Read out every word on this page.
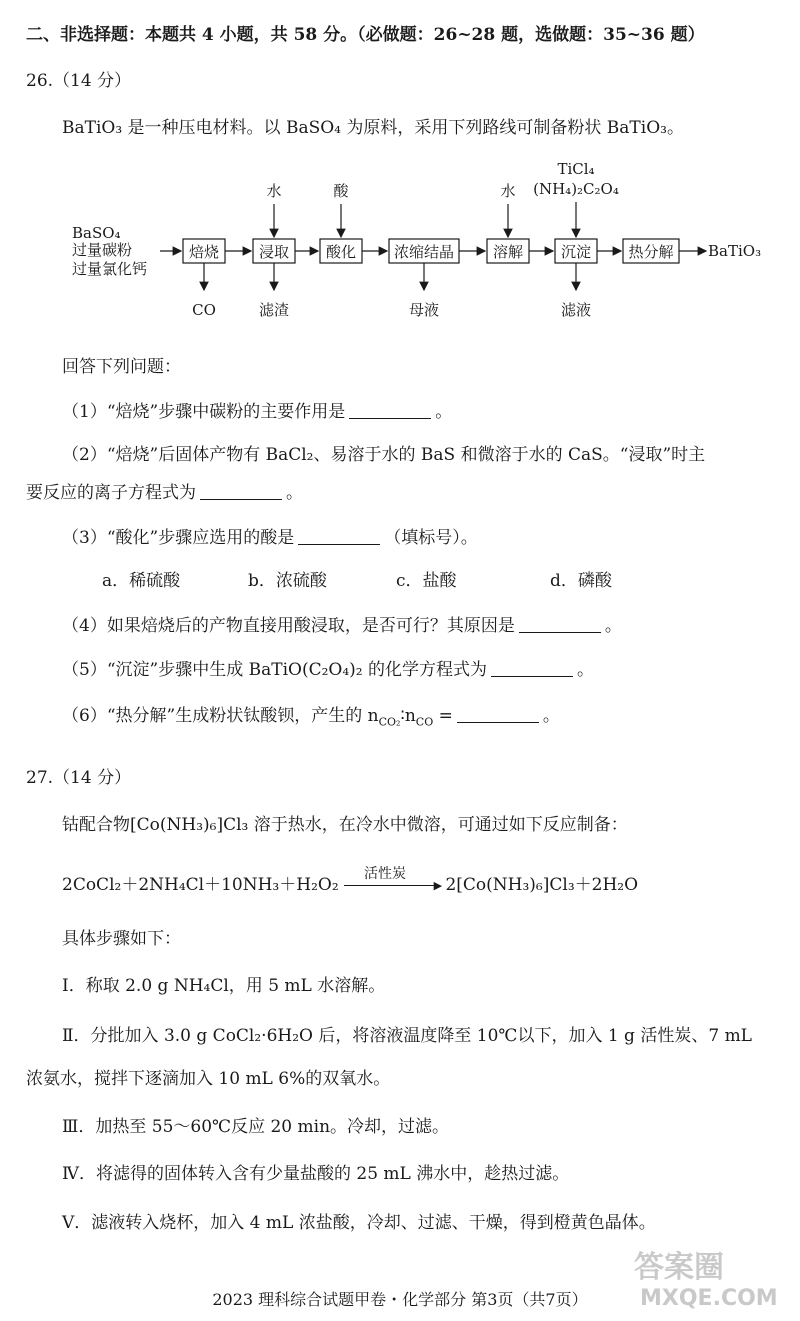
二、非选择题：本题共 4 小题，共 58 分。（必做题：26~28 题，选做题：35~36 题）
26.（14 分）
BaTiO₃ 是一种压电材料。以 BaSO₄ 为原料，采用下列路线可制备粉状 BaTiO₃。
BaSO₄
过量碳粉
过量氯化钙
焙烧	浸取 酸化	浓缩结晶	溶解	沉淀 热分解 BaTiO₃
水	酸	水
TiCl₄
(NH₄)₂C₂O₄
CO	滤渣	母液	滤液
回答下列问题：
（1）“焙烧”步骤中碳粉的主要作用是	。
（2）“焙烧”后固体产物有 BaCl₂、易溶于水的 BaS 和微溶于水的 CaS。“浸取”时主
要反应的离子方程式为	。
（3）“酸化”步骤应选用的酸是	（填标号）。
a．稀硫酸	b．浓硫酸	c．盐酸	d．磷酸
（4）如果焙烧后的产物直接用酸浸取，是否可行？其原因是	。
（5）“沉淀”步骤中生成 BaTiO(C₂O₄)₂ 的化学方程式为	。
（6）“热分解”生成粉状钛酸钡，产生的 $n_{CO_2}∶n_{CO}$ =	。
27.（14 分）
钴配合物[Co(NH₃)₆]Cl₃ 溶于热水，在冷水中微溶，可通过如下反应制备：
2CoCl₂＋2NH₄Cl＋10NH₃＋H₂O₂
活性炭
▶ 2[Co(NH₃)₆]Cl₃＋2H₂O
具体步骤如下：
Ⅰ．称取 2.0 g NH₄Cl，用 5 mL 水溶解。
Ⅱ．分批加入 3.0 g CoCl₂·6H₂O 后，将溶液温度降至 10℃以下，加入 1 g 活性炭、7 mL
浓氨水，搅拌下逐滴加入 10 mL 6%的双氧水。
Ⅲ．加热至 55～60℃反应 20 min。冷却，过滤。
Ⅳ．将滤得的固体转入含有少量盐酸的 25 mL 沸水中，趁热过滤。
Ⅴ．滤液转入烧杯，加入 4 mL 浓盐酸，冷却、过滤、干燥，得到橙黄色晶体。
2023 理科综合试题甲卷・化学部分 第3页（共7页）
答案圈
MXQE.COM
